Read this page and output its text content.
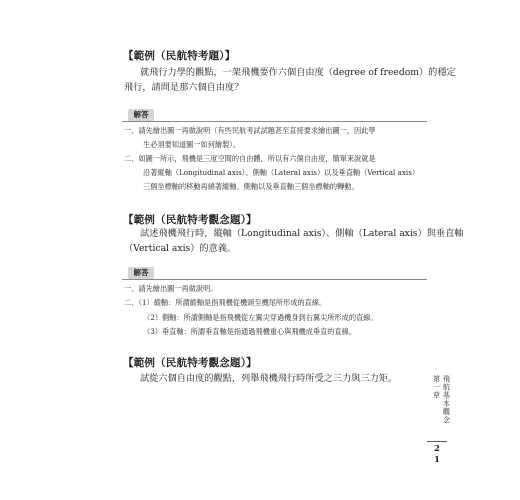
【範例（民航特考題）】
就飛行力學的觀點，一架飛機要作六個自由度（degree of freedom）的穩定
飛行，請問是那六個自由度？
解答
一、請先繪出圖一再做說明（有些民航考試試題甚至直接要求繪出圖一，因此學
生必須要知道圖一如何繪製）。
二、如圖一所示，飛機是三度空間的自由體，所以有六個自由度，簡單來說就是
沿著縱軸（Longitudinal axis）、側軸（Lateral axis）以及垂直軸（Vertical axis）
三個坐標軸的移動再繞著縱軸、側軸以及垂直軸三個坐標軸的轉動。
【範例（民航特考觀念題）】
試述飛機飛行時，縱軸（Longitudinal axis）、側軸（Lateral axis）與垂直軸
（Vertical axis）的意義。
解答
一、請先繪出圖一再做說明。
二、（1）縱軸：所謂縱軸是指飛機從機頭至機尾所形成的直線。
（2）側軸：所謂側軸是指飛機從左翼尖穿過機身到右翼尖所形成的直線。
（3）垂直軸：所謂垂直軸是指通過飛機重心與飛機成垂直的直線。
【範例（民航特考觀念題）】
試從六個自由度的觀點，列舉飛機飛行時所受之三力與三力矩。	第一章 飛航基本觀念
2
1
